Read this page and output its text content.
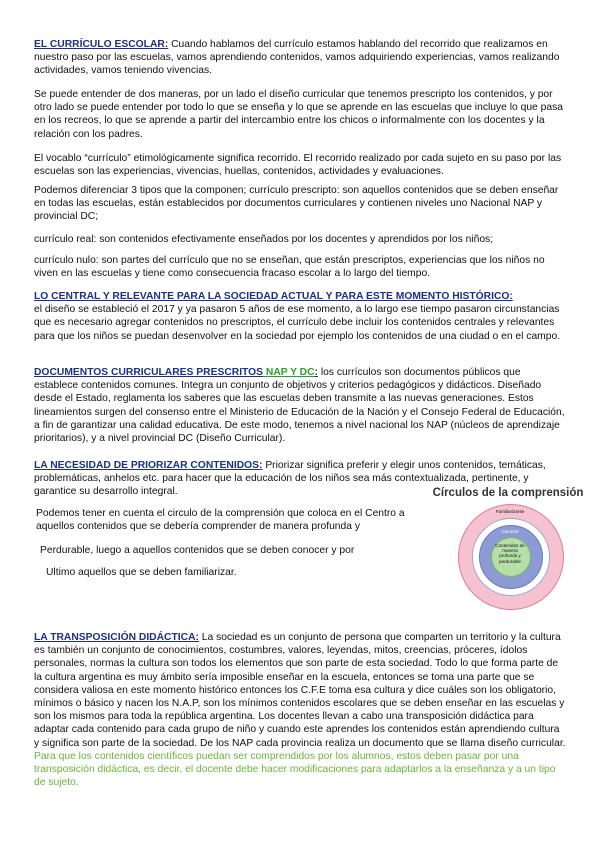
EL CURRÍCULO ESCOLAR: Cuando hablamos del currículo estamos hablando del recorrido que realizamos en nuestro paso por las escuelas, vamos aprendiendo contenidos, vamos adquiriendo experiencias, vamos realizando actividades, vamos teniendo vivencias.

Se puede entender de dos maneras, por un lado el diseño curricular que tenemos prescripto los contenidos, y por otro lado se puede entender por todo lo que se enseña y lo que se aprende en las escuelas que incluye lo que pasa en los recreos, lo que se aprende a partir del intercambio entre los chicos o informalmente con los docentes y la relación con los padres.

El vocablo “currículo” etimológicamente significa recorrido. El recorrido realizado por cada sujeto en su paso por las escuelas son las experiencias, vivencias, huellas, contenidos, actividades y evaluaciones.

Podemos diferenciar 3 tipos que la componen; currículo prescripto: son aquellos contenidos que se deben enseñar en todas las escuelas, están establecidos por documentos curriculares y contienen niveles uno Nacional NAP y provincial DC;

currículo real: son contenidos efectivamente enseñados por los docentes y aprendidos por los niños;

currículo nulo: son partes del currículo que no se enseñan, que están prescriptos, experiencias que los niños no viven en las escuelas y tiene como consecuencia fracaso escolar a lo largo del tiempo.

LO CENTRAL Y RELEVANTE PARA LA SOCIEDAD ACTUAL Y PARA ESTE MOMENTO HISTÓRICO:
el diseño se estableció el 2017 y ya pasaron 5 años de ese momento, a lo largo ese tiempo pasaron circunstancias que es necesario agregar contenidos no prescriptos, el currículo debe incluir los contenidos centrales y relevantes para que los niños se puedan desenvolver en la sociedad por ejemplo los contenidos de una ciudad o en el campo.

DOCUMENTOS CURRICULARES PRESCRITOS NAP Y DC: los currículos son documentos públicos que establece contenidos comunes. Integra un conjunto de objetivos y criterios pedagógicos y didácticos. Diseñado desde el Estado, reglamenta los saberes que las escuelas deben transmite a las nuevas generaciones. Estos lineamientos surgen del consenso entre el Ministerio de Educación de la Nación y el Consejo Federal de Educación, a fin de garantizar una calidad educativa. De este modo, tenemos a nivel nacional los NAP (núcleos de aprendizaje prioritarios), y a nivel provincial DC (Diseño Curricular).

LA NECESIDAD DE PRIORIZAR CONTENIDOS: Priorizar significa preferir y elegir unos contenidos, temáticas, problemáticas, anhelos etc. para hacer que la educación de los niños sea más contextualizada, pertinente, y garantice su desarrollo integral.

Podemos tener en cuenta el circulo de la comprensión que coloca en el Centro a aquellos contenidos que se debería comprender de manera profunda y

Perdurable, luego a aquellos contenidos que se deben conocer y por

Ultimo aquellos que se deben familiarizar.

Círculos de la comprensión
Familiarizarse
Conocer
Contenidos de manera profunda y perdurable

LA TRANSPOSICIÓN DIDÁCTICA: La sociedad es un conjunto de persona que comparten un territorio y la cultura es también un conjunto de conocimientos, costumbres, valores, leyendas, mitos, creencias, próceres, ídolos personales, normas la cultura son todos los elementos que son parte de esta sociedad. Todo lo que forma parte de la cultura argentina es muy ámbito sería imposible enseñar en la escuela, entonces se toma una parte que se considera valiosa en este momento histórico entonces los C.F.E toma esa cultura y dice cuáles son los obligatorio, mínimos o básico y nacen los N.A.P, son los mínimos contenidos escolares que se deben enseñar en las escuelas y son los mismos para toda la república argentina. Los docentes llevan a cabo una transposición didáctica para adaptar cada contenido para cada grupo de niño y cuando este aprendes los contenidos están aprendiendo cultura y significa son parte de la sociedad. De los NAP cada provincia realiza un documento que se llama diseño curricular. Para que los contenidos científicos puedan ser comprendidos por los alumnos, estos deben pasar por una transposición didáctica, es decir, el docente debe hacer modificaciones para adaptarlos a la enseñanza y a un tipo de sujeto.
